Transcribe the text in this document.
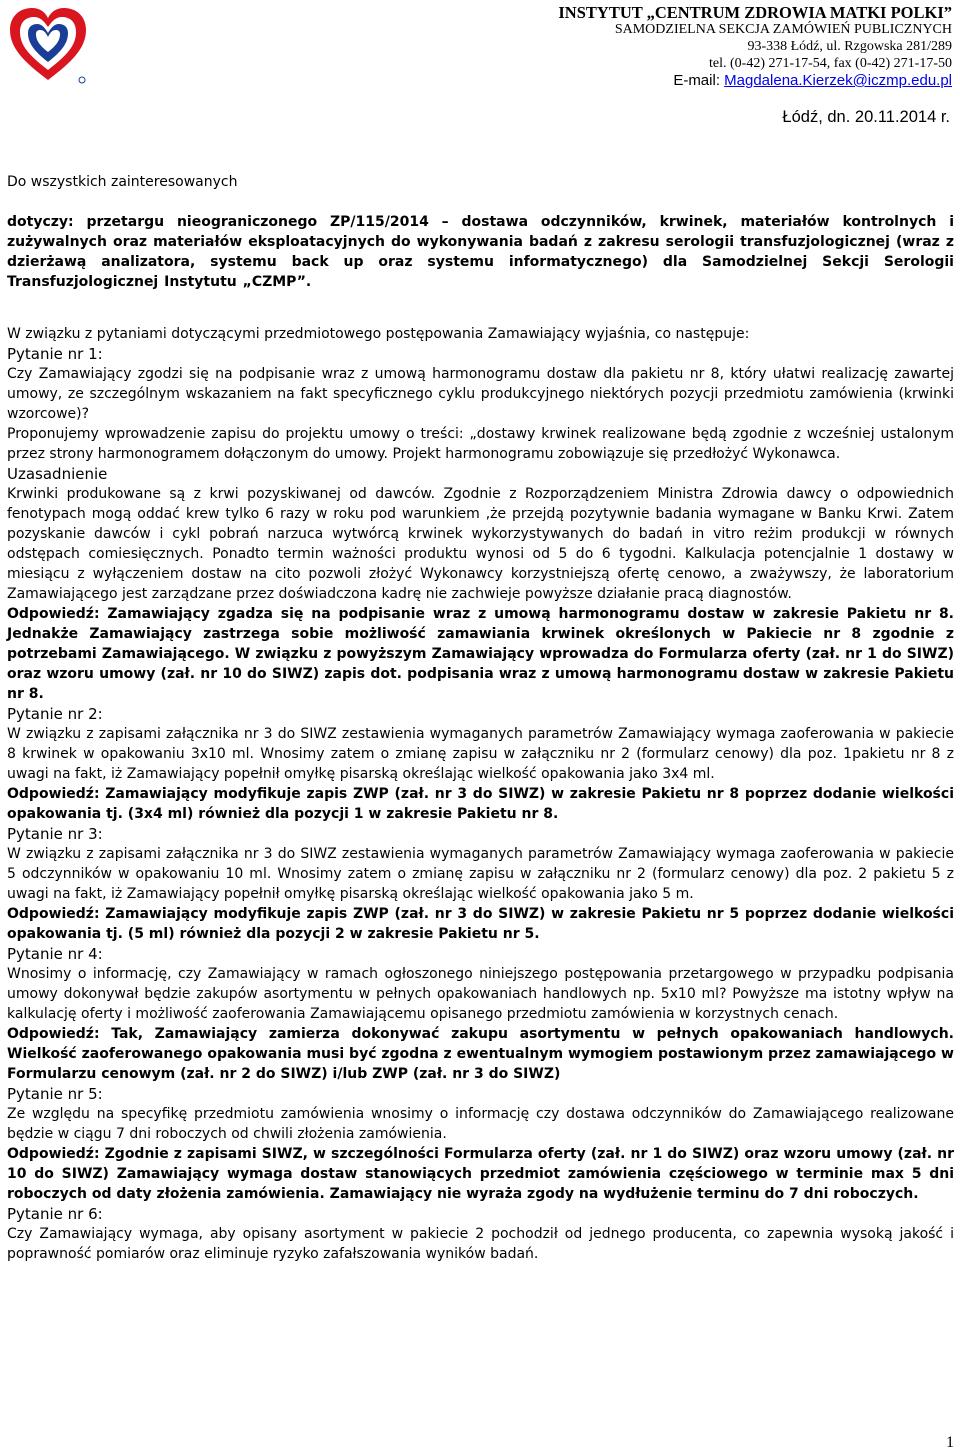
INSTYTUT „CENTRUM ZDROWIA MATKI POLKI”
SAMODZIELNA SEKCJA ZAMÓWIEŃ PUBLICZNYCH
93-338 Łódź, ul. Rzgowska 281/289
tel. (0-42) 271-17-54, fax (0-42) 271-17-50
E-mail: Magdalena.Kierzek@iczmp.edu.pl
Łódź, dn. 20.11.2014 r.

Do wszystkich zainteresowanych

dotyczy: przetargu nieograniczonego ZP/115/2014 – dostawa odczynników, krwinek, materiałów kontrolnych i zużywalnych oraz materiałów eksploatacyjnych do wykonywania badań z zakresu serologii transfuzjologicznej (wraz z dzierżawą analizatora, systemu back up oraz systemu informatycznego) dla Samodzielnej Sekcji Serologii Transfuzjologicznej Instytutu „CZMP”.

W związku z pytaniami dotyczącymi przedmiotowego postępowania Zamawiający wyjaśnia, co następuje:

Pytanie nr 1:

Czy Zamawiający zgodzi się na podpisanie wraz z umową harmonogramu dostaw dla pakietu nr 8, który ułatwi realizację zawartej umowy, ze szczególnym wskazaniem na fakt specyficznego cyklu produkcyjnego niektórych pozycji przedmiotu zamówienia (krwinki wzorcowe)?

Proponujemy wprowadzenie zapisu do projektu umowy o treści: „dostawy krwinek realizowane będą zgodnie z wcześniej ustalonym przez strony harmonogramem dołączonym do umowy. Projekt harmonogramu zobowiązuje się przedłożyć Wykonawca.

Uzasadnienie

Krwinki produkowane są z krwi pozyskiwanej od dawców. Zgodnie z Rozporządzeniem Ministra Zdrowia dawcy o odpowiednich fenotypach mogą oddać krew tylko 6 razy w roku pod warunkiem ‚że przejdą pozytywnie badania wymagane w Banku Krwi. Zatem pozyskanie dawców i cykl pobrań narzuca wytwórcą krwinek wykorzystywanych do badań in vitro reżim produkcji w równych odstępach comiesięcznych. Ponadto termin ważności produktu wynosi od 5 do 6 tygodni. Kalkulacja potencjalnie 1 dostawy w miesiącu z wyłączeniem dostaw na cito pozwoli złożyć Wykonawcy korzystniejszą ofertę cenowo, a zważywszy, że laboratorium Zamawiającego jest zarządzane przez doświadczona kadrę nie zachwieje powyższe działanie pracą diagnostów.

Odpowiedź: Zamawiający zgadza się na podpisanie wraz z umową harmonogramu dostaw w zakresie Pakietu nr 8. Jednakże Zamawiający zastrzega sobie możliwość zamawiania krwinek określonych w Pakiecie nr 8 zgodnie z potrzebami Zamawiającego. W związku z powyższym Zamawiający wprowadza do Formularza oferty (zał. nr 1 do SIWZ) oraz wzoru umowy (zał. nr 10 do SIWZ) zapis dot. podpisania wraz z umową harmonogramu dostaw w zakresie Pakietu nr 8.

Pytanie nr 2:

W związku z zapisami załącznika nr 3 do SIWZ zestawienia wymaganych parametrów Zamawiający wymaga zaoferowania w pakiecie 8 krwinek w opakowaniu 3x10 ml. Wnosimy zatem o zmianę zapisu w załączniku nr 2 (formularz cenowy) dla poz. 1pakietu nr 8 z uwagi na fakt, iż Zamawiający popełnił omyłkę pisarską określając wielkość opakowania jako 3x4 ml.

Odpowiedź: Zamawiający modyfikuje zapis ZWP (zał. nr 3 do SIWZ) w zakresie Pakietu nr 8 poprzez dodanie wielkości opakowania tj. (3x4 ml) również dla pozycji 1 w zakresie Pakietu nr 8.

Pytanie nr 3:

W związku z zapisami załącznika nr 3 do SIWZ zestawienia wymaganych parametrów Zamawiający wymaga zaoferowania w pakiecie 5 odczynników w opakowaniu 10 ml. Wnosimy zatem o zmianę zapisu w załączniku nr 2 (formularz cenowy) dla poz. 2 pakietu 5 z uwagi na fakt, iż Zamawiający popełnił omyłkę pisarską określając wielkość opakowania jako 5 m.

Odpowiedź: Zamawiający modyfikuje zapis ZWP (zał. nr 3 do SIWZ) w zakresie Pakietu nr 5 poprzez dodanie wielkości opakowania tj. (5 ml) również dla pozycji 2 w zakresie Pakietu nr 5.

Pytanie nr 4:

Wnosimy o informację, czy Zamawiający w ramach ogłoszonego niniejszego postępowania przetargowego w przypadku podpisania umowy dokonywał będzie zakupów asortymentu w pełnych opakowaniach handlowych np. 5x10 ml? Powyższe ma istotny wpływ na kalkulację oferty i możliwość zaoferowania Zamawiającemu opisanego przedmiotu zamówienia w korzystnych cenach.

Odpowiedź: Tak, Zamawiający zamierza dokonywać zakupu asortymentu w pełnych opakowaniach handlowych. Wielkość zaoferowanego opakowania musi być zgodna z ewentualnym wymogiem postawionym przez zamawiającego w Formularzu cenowym (zał. nr 2 do SIWZ) i/lub ZWP (zał. nr 3 do SIWZ)

Pytanie nr 5:

Ze względu na specyfikę przedmiotu zamówienia wnosimy o informację czy dostawa odczynników do Zamawiającego realizowane będzie w ciągu 7 dni roboczych od chwili złożenia zamówienia.

Odpowiedź: Zgodnie z zapisami SIWZ, w szczególności Formularza oferty (zał. nr 1 do SIWZ) oraz wzoru umowy (zał. nr 10 do SIWZ) Zamawiający wymaga dostaw stanowiących przedmiot zamówienia częściowego w terminie max 5 dni roboczych od daty złożenia zamówienia. Zamawiający nie wyraża zgody na wydłużenie terminu do 7 dni roboczych.

Pytanie nr 6:

Czy Zamawiający wymaga, aby opisany asortyment w pakiecie 2 pochodził od jednego producenta, co zapewnia wysoką jakość i poprawność pomiarów oraz eliminuje ryzyko zafałszowania wyników badań.

1
